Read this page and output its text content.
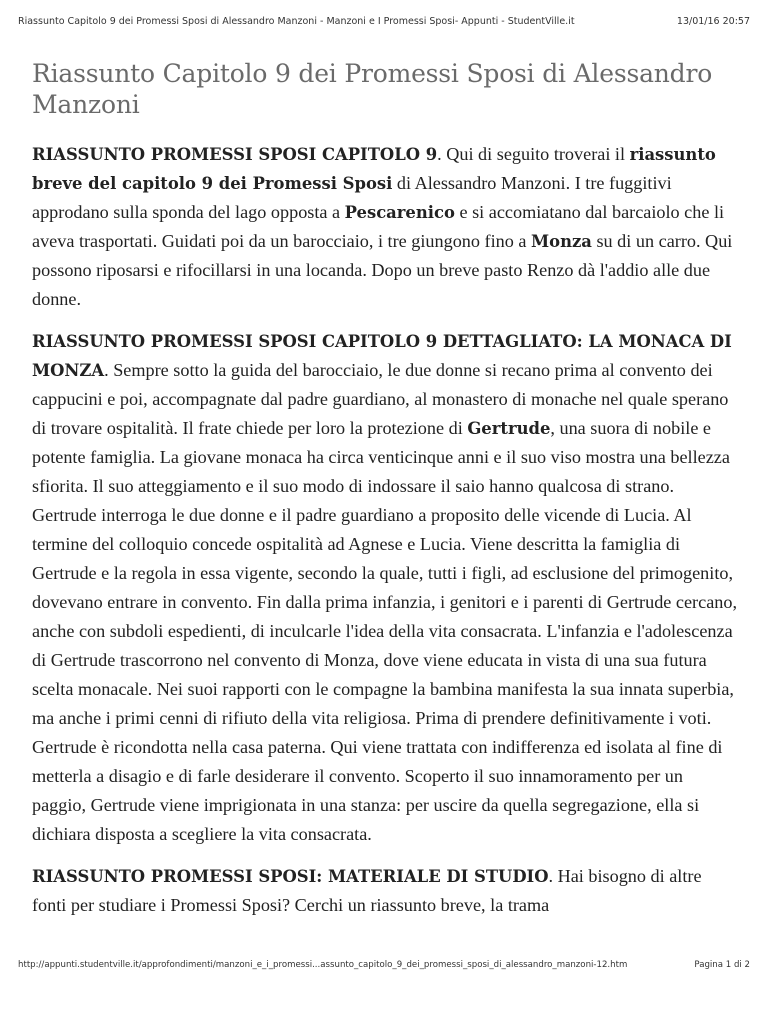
Riassunto Capitolo 9 dei Promessi Sposi di Alessandro Manzoni - Manzoni e I Promessi Sposi- Appunti - StudentVille.it	13/01/16 20:57
Riassunto Capitolo 9 dei Promessi Sposi di Alessandro Manzoni

RIASSUNTO PROMESSI SPOSI CAPITOLO 9. Qui di seguito troverai il riassunto breve del capitolo 9 dei Promessi Sposi di Alessandro Manzoni. I tre fuggitivi approdano sulla sponda del lago opposta a Pescarenico e si accomiatano dal barcaiolo che li aveva trasportati. Guidati poi da un barocciaio, i tre giungono fino a Monza su di un carro. Qui possono riposarsi e rifocillarsi in una locanda. Dopo un breve pasto Renzo dà l'addio alle due donne.

RIASSUNTO PROMESSI SPOSI CAPITOLO 9 DETTAGLIATO: LA MONACA DI MONZA. Sempre sotto la guida del barocciaio, le due donne si recano prima al convento dei cappucini e poi, accompagnate dal padre guardiano, al monastero di monache nel quale sperano di trovare ospitalità. Il frate chiede per loro la protezione di Gertrude, una suora di nobile e potente famiglia. La giovane monaca ha circa venticinque anni e il suo viso mostra una bellezza sfiorita. Il suo atteggiamento e il suo modo di indossare il saio hanno qualcosa di strano. Gertrude interroga le due donne e il padre guardiano a proposito delle vicende di Lucia. Al termine del colloquio concede ospitalità ad Agnese e Lucia. Viene descritta la famiglia di Gertrude e la regola in essa vigente, secondo la quale, tutti i figli, ad esclusione del primogenito, dovevano entrare in convento. Fin dalla prima infanzia, i genitori e i parenti di Gertrude cercano, anche con subdoli espedienti, di inculcarle l'idea della vita consacrata. L'infanzia e l'adolescenza di Gertrude trascorrono nel convento di Monza, dove viene educata in vista di una sua futura scelta monacale. Nei suoi rapporti con le compagne la bambina manifesta la sua innata superbia, ma anche i primi cenni di rifiuto della vita religiosa. Prima di prendere definitivamente i voti. Gertrude è ricondotta nella casa paterna. Qui viene trattata con indifferenza ed isolata al fine di metterla a disagio e di farle desiderare il convento. Scoperto il suo innamoramento per un paggio, Gertrude viene imprigionata in una stanza: per uscire da quella segregazione, ella si dichiara disposta a scegliere la vita consacrata.

RIASSUNTO PROMESSI SPOSI: MATERIALE DI STUDIO. Hai bisogno di altre fonti per studiare i Promessi Sposi? Cerchi un riassunto breve, la trama

http://appunti.studentville.it/approfondimenti/manzoni_e_i_promessi...assunto_capitolo_9_dei_promessi_sposi_di_alessandro_manzoni-12.htm	Pagina 1 di 2
